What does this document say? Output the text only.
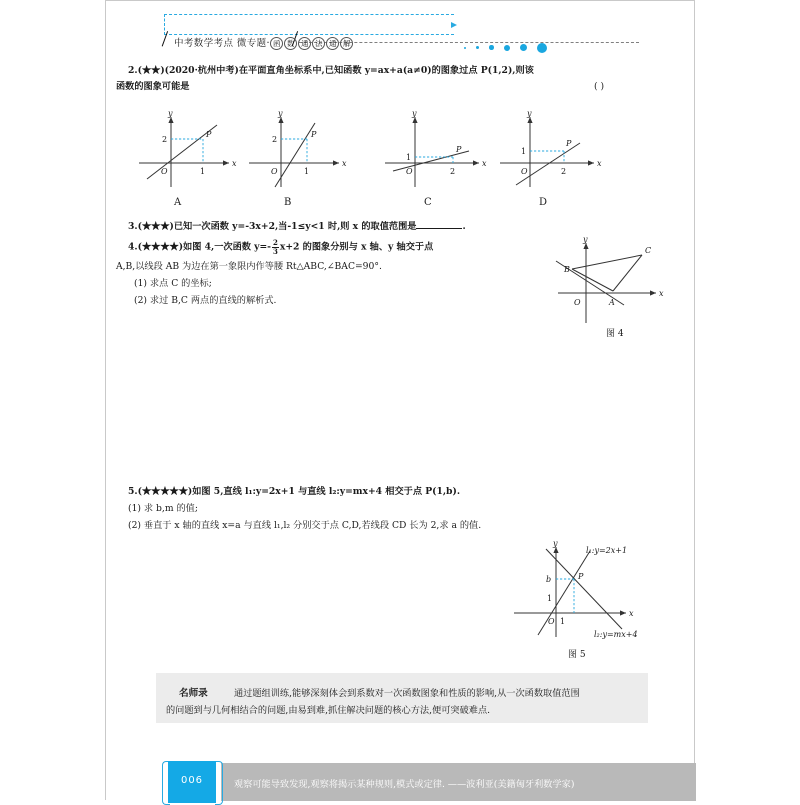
中考数学考点 微专题· 函 数 通 法 通 解

2.(★★)(2020·杭州中考)在平面直角坐标系中,已知函数 y=ax+a(a≠0)的图象过点 P(1,2),则该
函数的图象可能是	( )
x
y
O
2
1
P
A
x
y
O
2
1
P
B
x
y
O
1
2
P
C
x
y
O
1
2
P
D
3.(★★★)已知一次函数 y=-3x+2,当-1≤y<1 时,则 x 的取值范围是	.
4.(★★★★)如图 4,一次函数 $y=- \frac{2}{3} x+2$ 的图象分别与 x 轴、y 轴交于点
A,B,以线段 AB 为边在第一象限内作等腰 Rt△ABC,∠BAC=90°.
(1) 求点 C 的坐标;
(2) 求过 B,C 两点的直线的解析式.
x
y
O	A
B
C
图 4
5.(★★★★★)如图 5,直线 l₁:y=2x+1 与直线 l₂:y=mx+4 相交于点 P(1,b).
(1) 求 b,m 的值;
(2) 垂直于 x 轴的直线 x=a 与直线 l₁,l₂ 分别交于点 C,D,若线段 CD 长为 2,求 a 的值.
x
y
O 1
b
1
P
l₁:y=2x+1
l₂:y=mx+4
图 5
名师录	通过题组训练,能够深刻体会到系数对一次函数图象和性质的影响,从一次函数取值范围
的问题到与几何相结合的问题,由易到难,抓住解决问题的核心方法,便可突破难点.
观察可能导致发现,观察将揭示某种规则,模式或定律. ——波利亚(美籍匈牙利数学家)
006
